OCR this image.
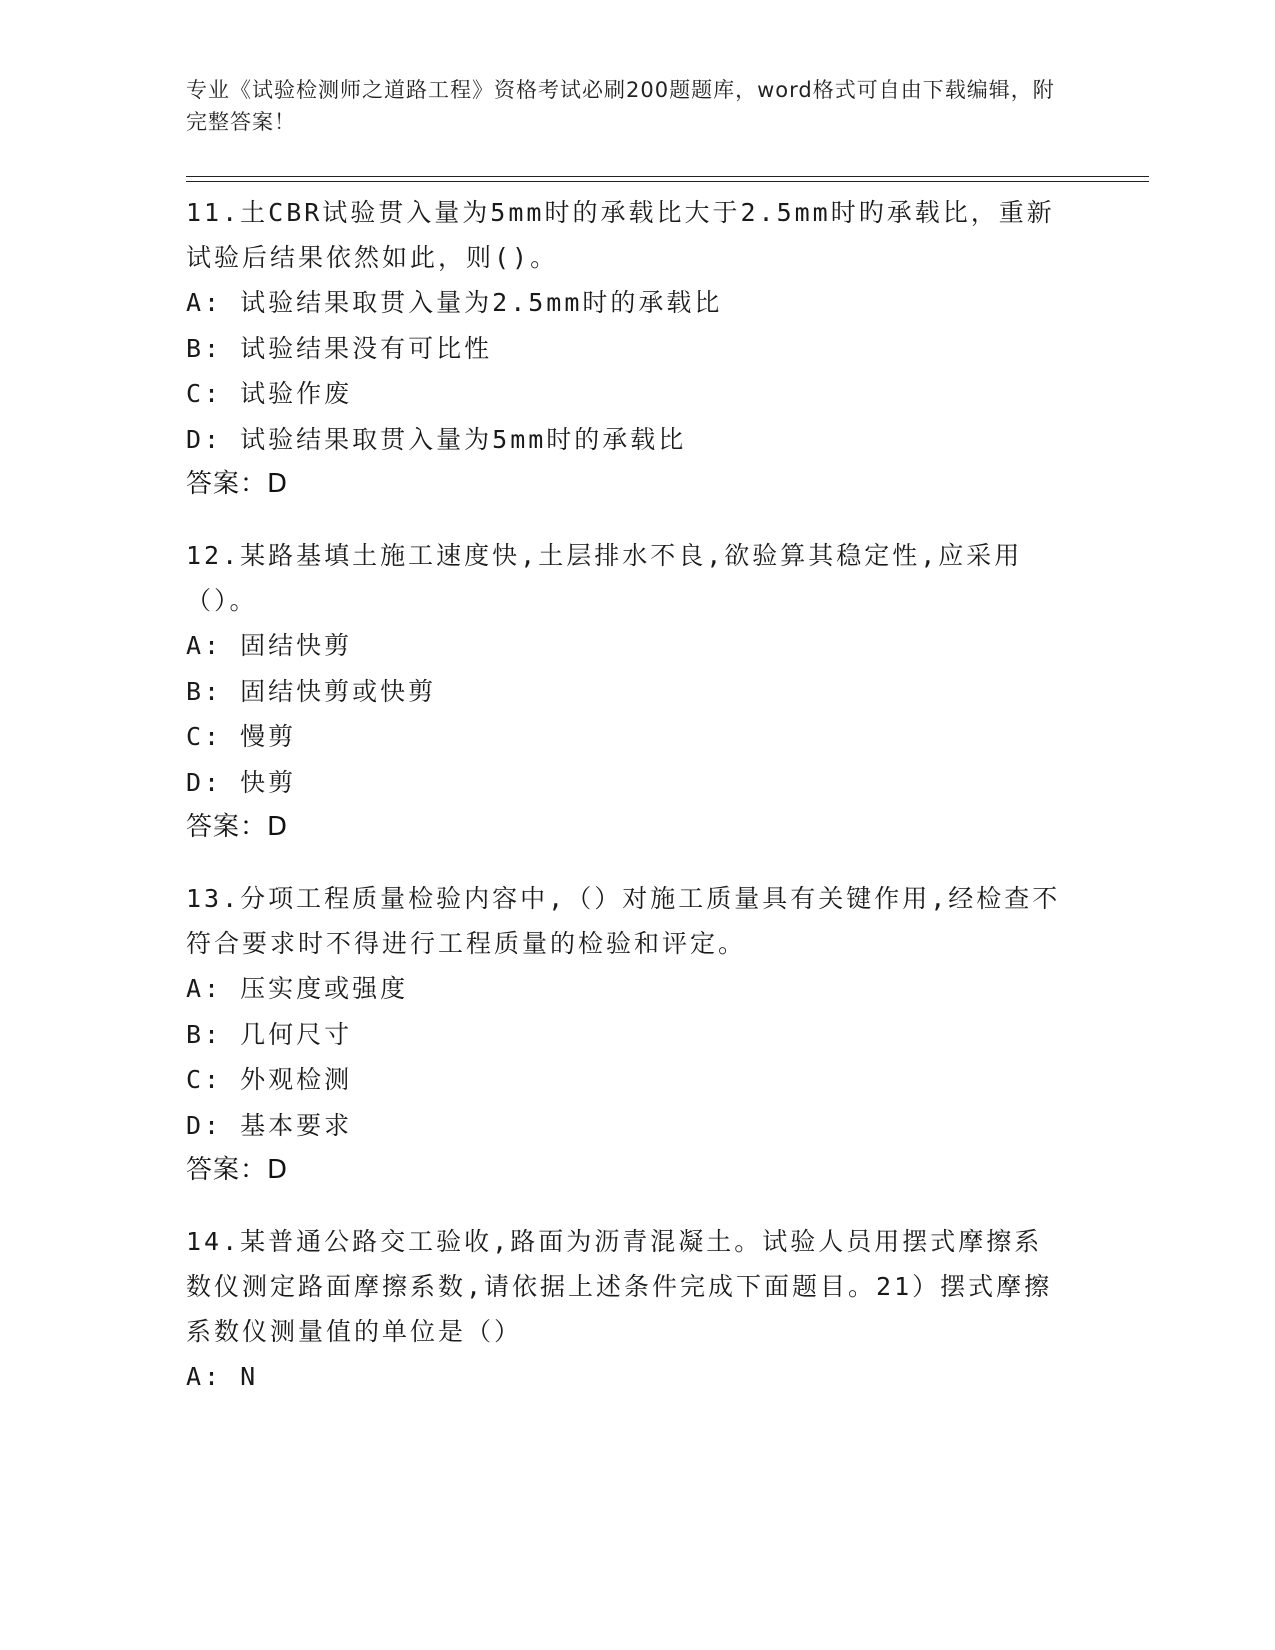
专业《试验检测师之道路工程》资格考试必刷200题题库，word格式可自由下载编辑，附完整答案！
11.土CBR试验贯入量为5mm时的承载比大于2.5mm时旳承载比，重新试验后结果依然如此，则()。
A: 试验结果取贯入量为2.5mm时的承载比
B: 试验结果没有可比性
C: 试验作废
D: 试验结果取贯入量为5mm时的承载比
答案：D
12.某路基填土施工速度快,土层排水不良,欲验算其稳定性,应采用（）。
A: 固结快剪
B: 固结快剪或快剪
C: 慢剪
D: 快剪
答案：D
13.分项工程质量检验内容中,（）对施工质量具有关键作用,经检查不符合要求时不得进行工程质量的检验和评定。
A: 压实度或强度
B: 几何尺寸
C: 外观检测
D: 基本要求
答案：D
14.某普通公路交工验收,路面为沥青混凝土。试验人员用摆式摩擦系数仪测定路面摩擦系数,请依据上述条件完成下面题目。21）摆式摩擦系数仪测量值的单位是（）
A: N
